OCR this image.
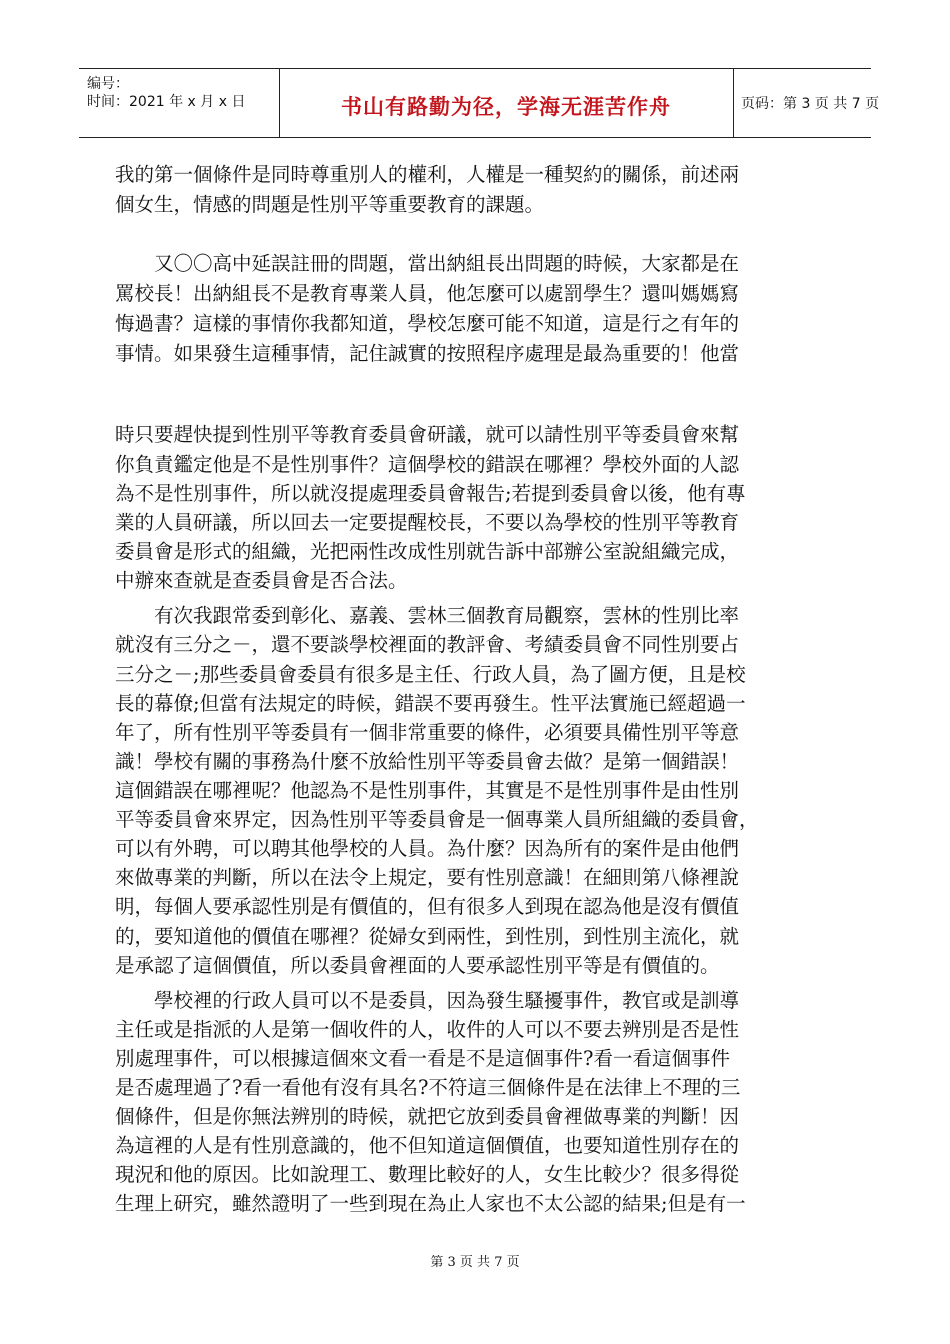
编号：
时间：2021 年 x 月 x 日	书山有路勤为径，学海无涯苦作舟	页码：第 3 页 共 7 页
我的第一個條件是同時尊重別人的權利，人權是一種契約的關係，前述兩
個女生，情感的問題是性別平等重要教育的課題。
　　又〇〇高中延誤註冊的問題，當出納組長出問題的時候，大家都是在
罵校長！出納組長不是教育專業人員，他怎麼可以處罰學生？還叫媽媽寫
悔過書？這樣的事情你我都知道，學校怎麼可能不知道，這是行之有年的
事情。如果發生這種事情，記住誠實的按照程序處理是最為重要的！他當
時只要趕快提到性別平等教育委員會研議，就可以請性別平等委員會來幫
你負責鑑定他是不是性別事件？這個學校的錯誤在哪裡？學校外面的人認
為不是性別事件，所以就沒提處理委員會報告;若提到委員會以後，他有專
業的人員研議，所以回去一定要提醒校長，不要以為學校的性別平等教育
委員會是形式的組織，光把兩性改成性別就告訴中部辦公室說組織完成，
中辦來查就是查委員會是否合法。
　　有次我跟常委到彰化、嘉義、雲林三個教育局觀察，雲林的性別比率
就沒有三分之－，還不要談學校裡面的教評會、考績委員會不同性別要占
三分之－;那些委員會委員有很多是主任、行政人員，為了圖方便，且是校
長的幕僚;但當有法規定的時候，錯誤不要再發生。性平法實施已經超過一
年了，所有性別平等委員有一個非常重要的條件，必須要具備性別平等意
識！學校有關的事務為什麼不放給性別平等委員會去做？是第一個錯誤！
這個錯誤在哪裡呢？他認為不是性別事件，其實是不是性別事件是由性別
平等委員會來界定，因為性別平等委員會是一個專業人員所組織的委員會，
可以有外聘，可以聘其他學校的人員。為什麼？因為所有的案件是由他們
來做專業的判斷，所以在法令上規定，要有性別意識！在細則第八條裡說
明，每個人要承認性別是有價值的，但有很多人到現在認為他是沒有價值
的，要知道他的價值在哪裡？從婦女到兩性，到性別，到性別主流化，就
是承認了這個價值，所以委員會裡面的人要承認性別平等是有價值的。
　　學校裡的行政人員可以不是委員，因為發生騷擾事件，教官或是訓導
主任或是指派的人是第一個收件的人，收件的人可以不要去辨別是否是性
別處理事件，可以根據這個來文看一看是不是這個事件?看一看這個事件
是否處理過了?看一看他有沒有具名?不符這三個條件是在法律上不理的三
個條件，但是你無法辨別的時候，就把它放到委員會裡做專業的判斷！因
為這裡的人是有性別意識的，他不但知道這個價值，也要知道性別存在的
現況和他的原因。比如說理工、數理比較好的人，女生比較少？很多得從
生理上研究，雖然證明了一些到現在為止人家也不太公認的結果;但是有一
第 3 页 共 7 页
